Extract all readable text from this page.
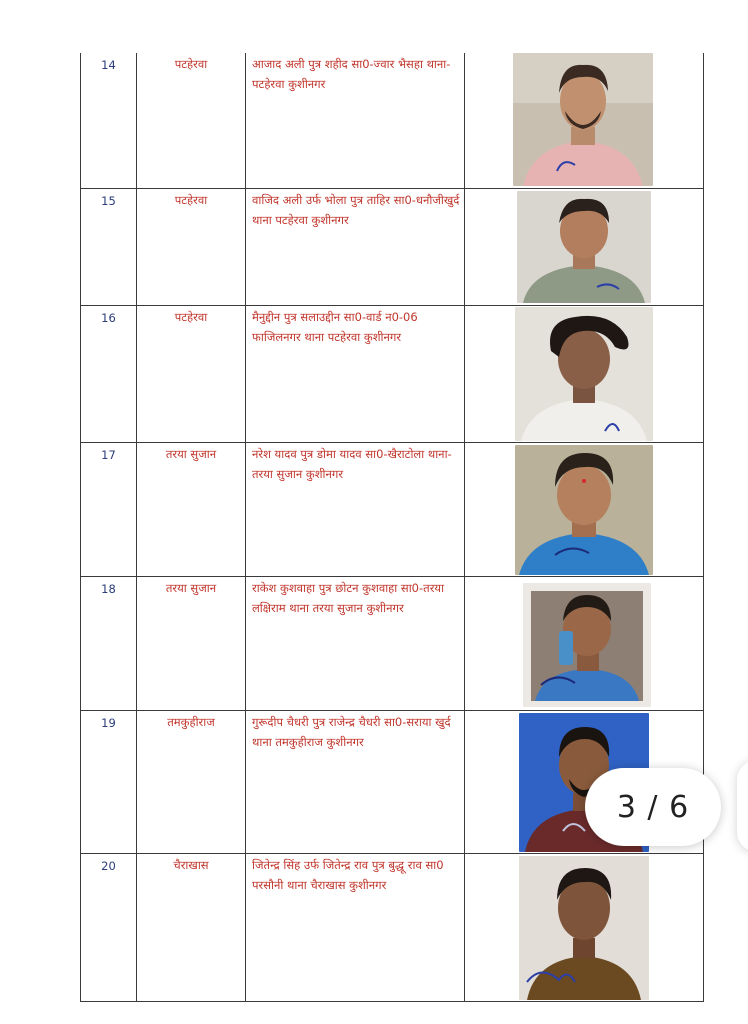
14	पटहेरवा	आजाद अली पुत्र शहीद सा0-ज्वार भैसहा थाना-पटहेरवा कुशीनगर	

15	पटहेरवा	वाजिद अली उर्फ भोला पुत्र ताहिर सा0-धनौजीखुर्द थाना पटहेरवा कुशीनगर	

16	पटहेरवा	मैनुद्दीन पुत्र सलाउद्दीन सा0-वार्ड न0-06 फाजिलनगर थाना पटहेरवा कुशीनगर	

17	तरया सुजान	नरेश यादव पुत्र डोमा यादव सा0-खैराटोला थाना-तरया सुजान कुशीनगर	

18	तरया सुजान	राकेश कुशवाहा पुत्र छोटन कुशवाहा सा0-तरया लक्षिराम थाना तरया सुजान कुशीनगर	

19	तमकुहीराज	गुरूदीप चैधरी पुत्र राजेन्द्र चैधरी सा0-सराया खुर्द थाना तमकुहीराज कुशीनगर	

20	चैराखास	जितेन्द्र सिंह उर्फ जितेन्द्र राव पुत्र बुद्धू राव सा0 परसौनी थाना चैराखास कुशीनगर	
3 / 6
